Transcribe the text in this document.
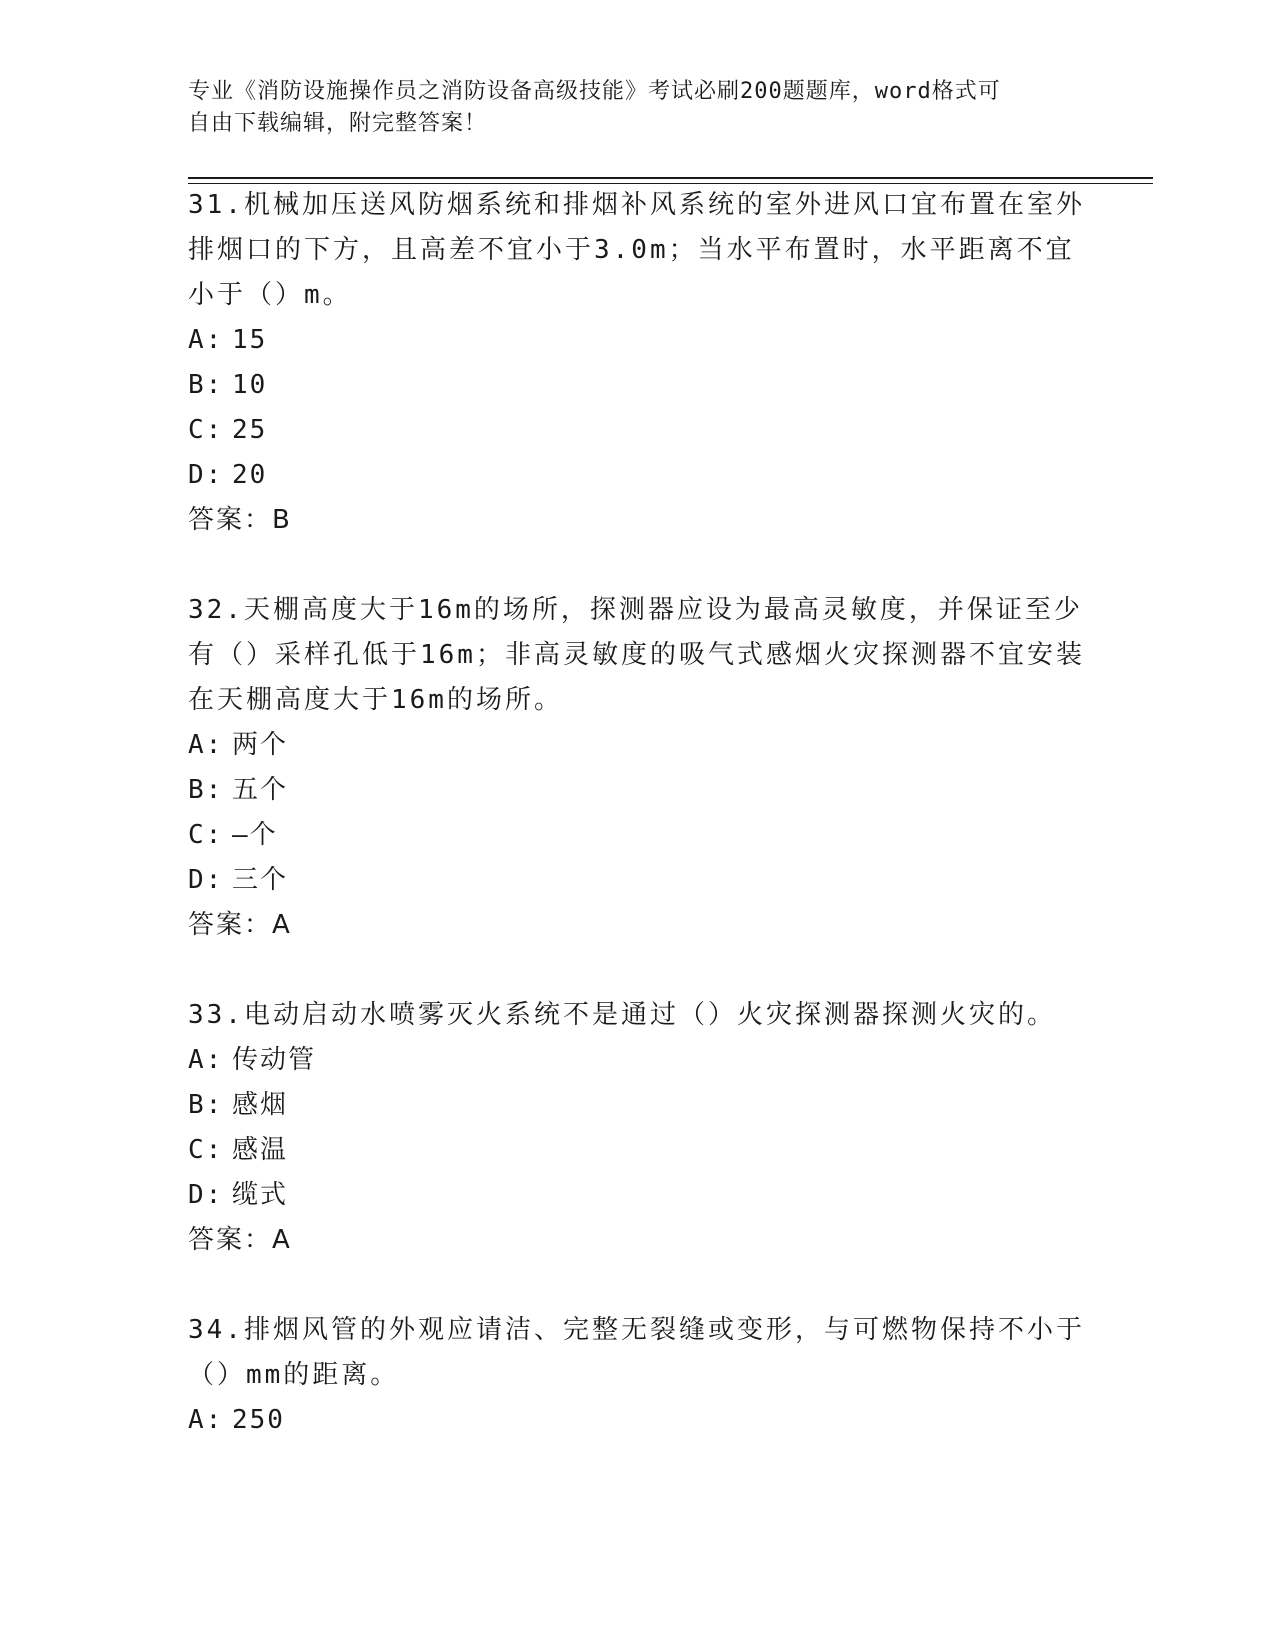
专业《消防设施操作员之消防设备高级技能》考试必刷200题题库，word格式可
自由下载编辑，附完整答案！

31.机械加压送风防烟系统和排烟补风系统的室外进风口宜布置在室外

排烟口的下方，且高差不宜小于3.0m；当水平布置时，水平距离不宜

小于（）m。

A: 15

B: 10

C: 25

D: 20

答案：B

32.天棚高度大于16m的场所，探测器应设为最高灵敏度，并保证至少

有（）采样孔低于16m；非高灵敏度的吸气式感烟火灾探测器不宜安装

在天棚高度大于16m的场所。

A: 两个

B: 五个

C: —个

D: 三个

答案：A

33.电动启动水喷雾灭火系统不是通过（）火灾探测器探测火灾的。

A: 传动管

B: 感烟

C: 感温

D: 缆式

答案：A

34.排烟风管的外观应请洁、完整无裂缝或变形，与可燃物保持不小于

（）mm的距离。

A: 250
